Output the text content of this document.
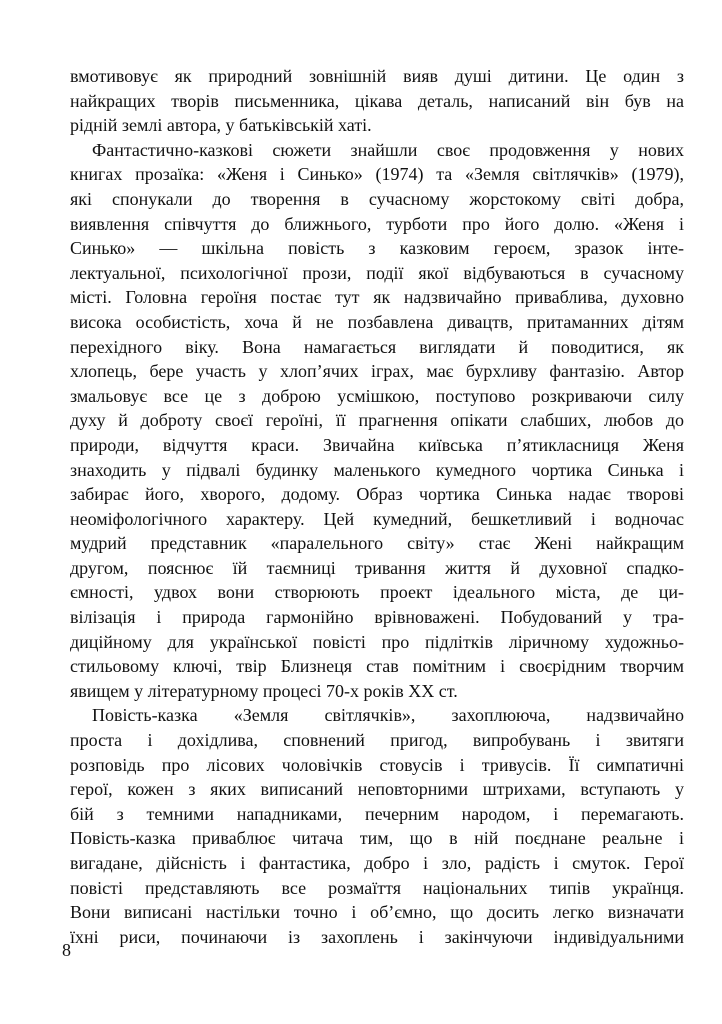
вмотивовує як природний зовнішній вияв душі дитини. Це один з

найкращих творів письменника, цікава деталь, написаний він був на

рідній землі автора, у батьківській хаті.

Фантастично-казкові сюжети знайшли своє продовження у нових

книгах прозаїка: «Женя і Синько» (1974) та «Земля світлячків» (1979),

які спонукали до творення в сучасному жорстокому світі добра,

виявлення співчуття до ближнього, турботи про його долю. «Женя і

Синько» — шкільна повість з казковим героєм, зразок інте-

лектуальної, психологічної прози, події якої відбуваються в сучасному

місті. Головна героїня постає тут як надзвичайно приваблива, духовно

висока особистість, хоча й не позбавлена дивацтв, притаманних дітям

перехідного віку. Вона намагається виглядати й поводитися, як

хлопець, бере участь у хлоп’ячих іграх, має бурхливу фантазію. Автор

змальовує все це з доброю усмішкою, поступово розкриваючи силу

духу й доброту своєї героїні, її прагнення опікати слабших, любов до

природи, відчуття краси. Звичайна київська п’ятикласниця Женя

знаходить у підвалі будинку маленького кумедного чортика Синька і

забирає його, хворого, додому. Образ чортика Синька надає творові

неоміфологічного характеру. Цей кумедний, бешкетливий і водночас

мудрий представник «паралельного світу» стає Жені найкращим

другом, пояснює їй таємниці тривання життя й духовної спадко-

ємності, удвох вони створюють проект ідеального міста, де ци-

вілізація і природа гармонійно врівноважені. Побудований у тра-

диційному для української повісті про підлітків ліричному художньо-

стильовому ключі, твір Близнеця став помітним і своєрідним творчим

явищем у літературному процесі 70-х років XX ст.

Повість-казка «Земля світлячків», захоплююча, надзвичайно

проста і дохідлива, сповнений пригод, випробувань і звитяги

розповідь про лісових чоловічків стовусів і тривусів. Її симпатичні

герої, кожен з яких виписаний неповторними штрихами, вступають у

бій з темними нападниками, печерним народом, і перемагають.

Повість-казка приваблює читача тим, що в ній поєднане реальне і

вигадане, дійсність і фантастика, добро і зло, радість і смуток. Герої

повісті представляють все розмаїття національних типів українця.

Вони виписані настільки точно і об’ємно, що досить легко визначати

їхні риси, починаючи із захоплень і закінчуючи індивідуальними

8
